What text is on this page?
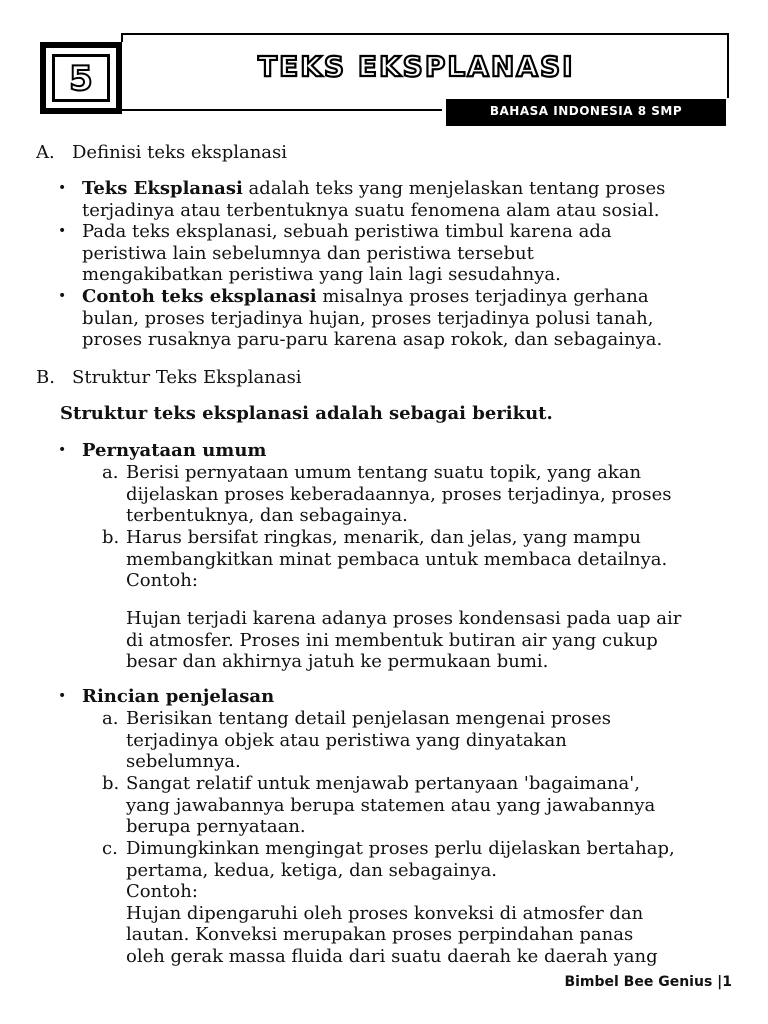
5	TEKS EKSPLANASI
BAHASA INDONESIA 8 SMP
A. Definisi teks eksplanasi
• Teks Eksplanasi adalah teks yang menjelaskan tentang proses
terjadinya atau terbentuknya suatu fenomena alam atau sosial.
• Pada teks eksplanasi, sebuah peristiwa timbul karena ada
peristiwa lain sebelumnya dan peristiwa tersebut
mengakibatkan peristiwa yang lain lagi sesudahnya.
• Contoh teks eksplanasi misalnya proses terjadinya gerhana
bulan, proses terjadinya hujan, proses terjadinya polusi tanah,
proses rusaknya paru-paru karena asap rokok, dan sebagainya.
B. Struktur Teks Eksplanasi
Struktur teks eksplanasi adalah sebagai berikut.
• Pernyataan umum
a. Berisi pernyataan umum tentang suatu topik, yang akan
dijelaskan proses keberadaannya, proses terjadinya, proses
terbentuknya, dan sebagainya.
b. Harus bersifat ringkas, menarik, dan jelas, yang mampu
membangkitkan minat pembaca untuk membaca detailnya.
Contoh:
Hujan terjadi karena adanya proses kondensasi pada uap air
di atmosfer. Proses ini membentuk butiran air yang cukup
besar dan akhirnya jatuh ke permukaan bumi.
• Rincian penjelasan
a. Berisikan tentang detail penjelasan mengenai proses
terjadinya objek atau peristiwa yang dinyatakan
sebelumnya.
b. Sangat relatif untuk menjawab pertanyaan 'bagaimana',
yang jawabannya berupa statemen atau yang jawabannya
berupa pernyataan.
c. Dimungkinkan mengingat proses perlu dijelaskan bertahap,
pertama, kedua, ketiga, dan sebagainya.
Contoh:
Hujan dipengaruhi oleh proses konveksi di atmosfer dan
lautan. Konveksi merupakan proses perpindahan panas
oleh gerak massa fluida dari suatu daerah ke daerah yang
Bimbel Bee Genius |1
